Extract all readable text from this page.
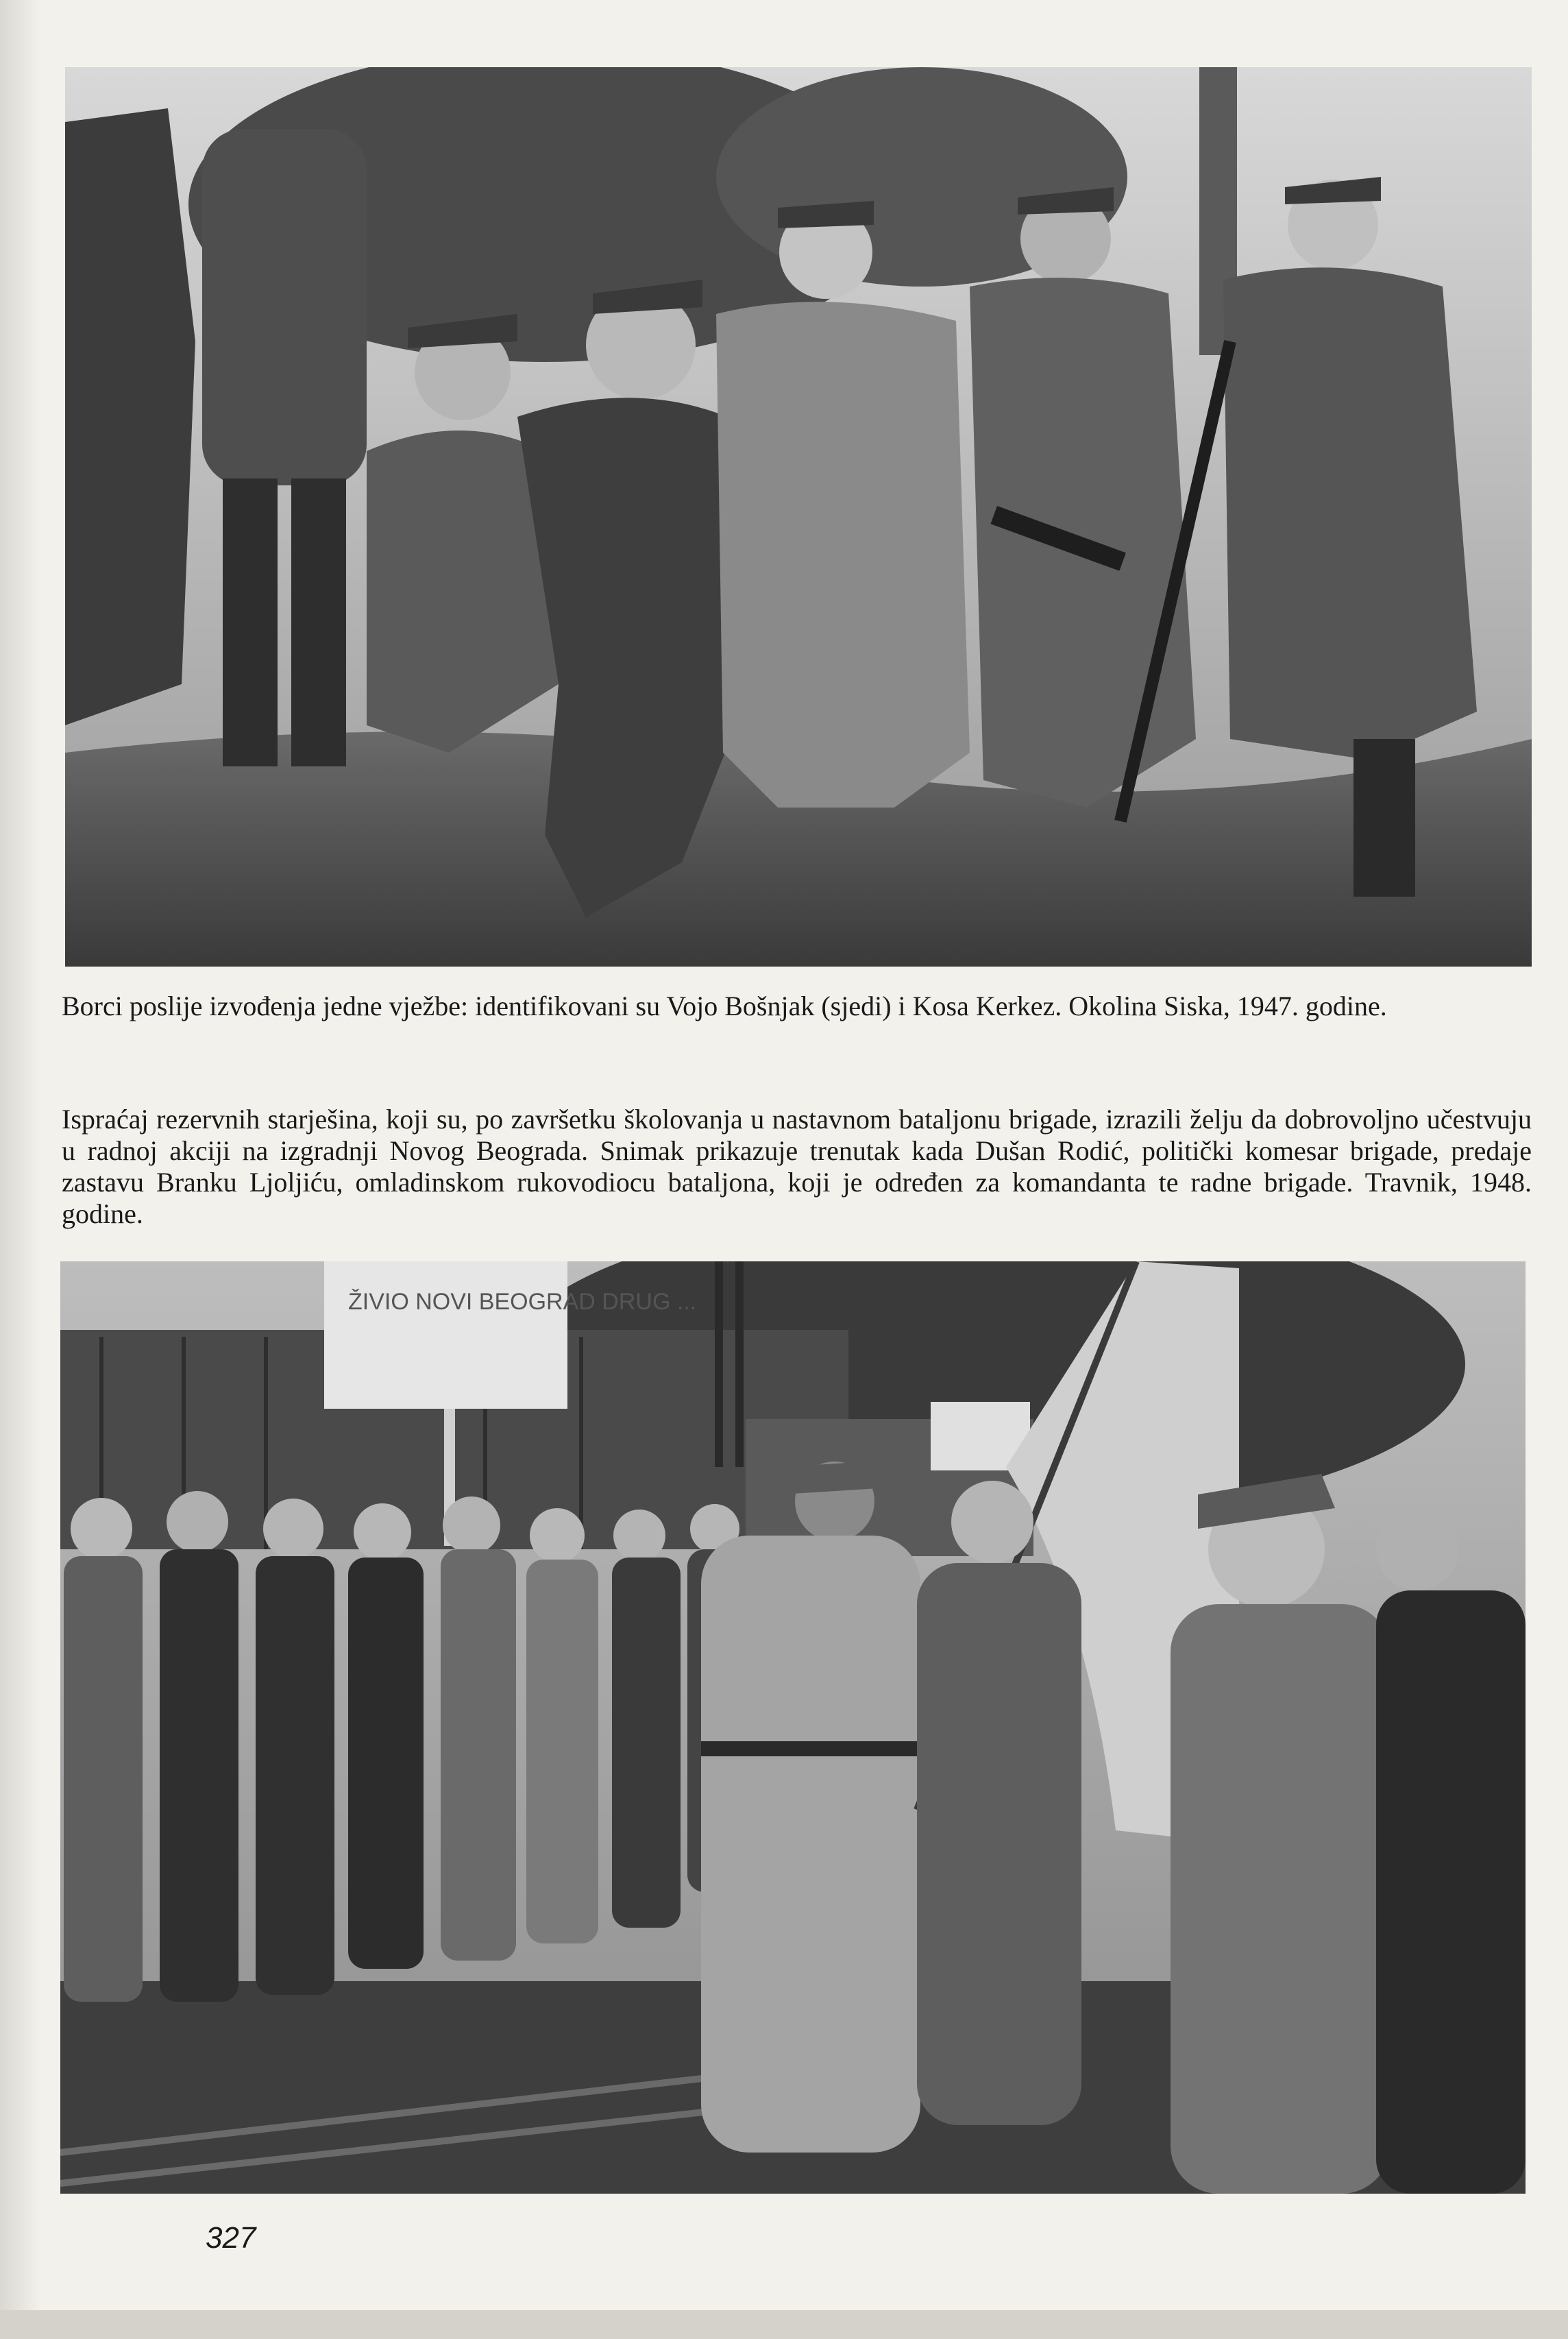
Borci poslije izvođenja jedne vježbe: identifikovani su Vojo Bošnjak (sjedi) i Kosa Kerkez. Okolina Siska, 1947. godine.

Ispraćaj rezervnih starješina, koji su, po završetku školovanja u nastavnom bataljonu brigade, izrazili želju da dobrovoljno učestvuju u radnoj akciji na izgradnji Novog Beograda. Snimak prikazuje trenutak kada Dušan Rodić, politički komesar brigade, predaje zastavu Branku Ljoljiću, omladinskom rukovodiocu bataljona, koji je određen za komandanta te radne brigade. Travnik, 1948. godine.

ŽIVIO NOVI BEOGRAD DRUG ...
327
